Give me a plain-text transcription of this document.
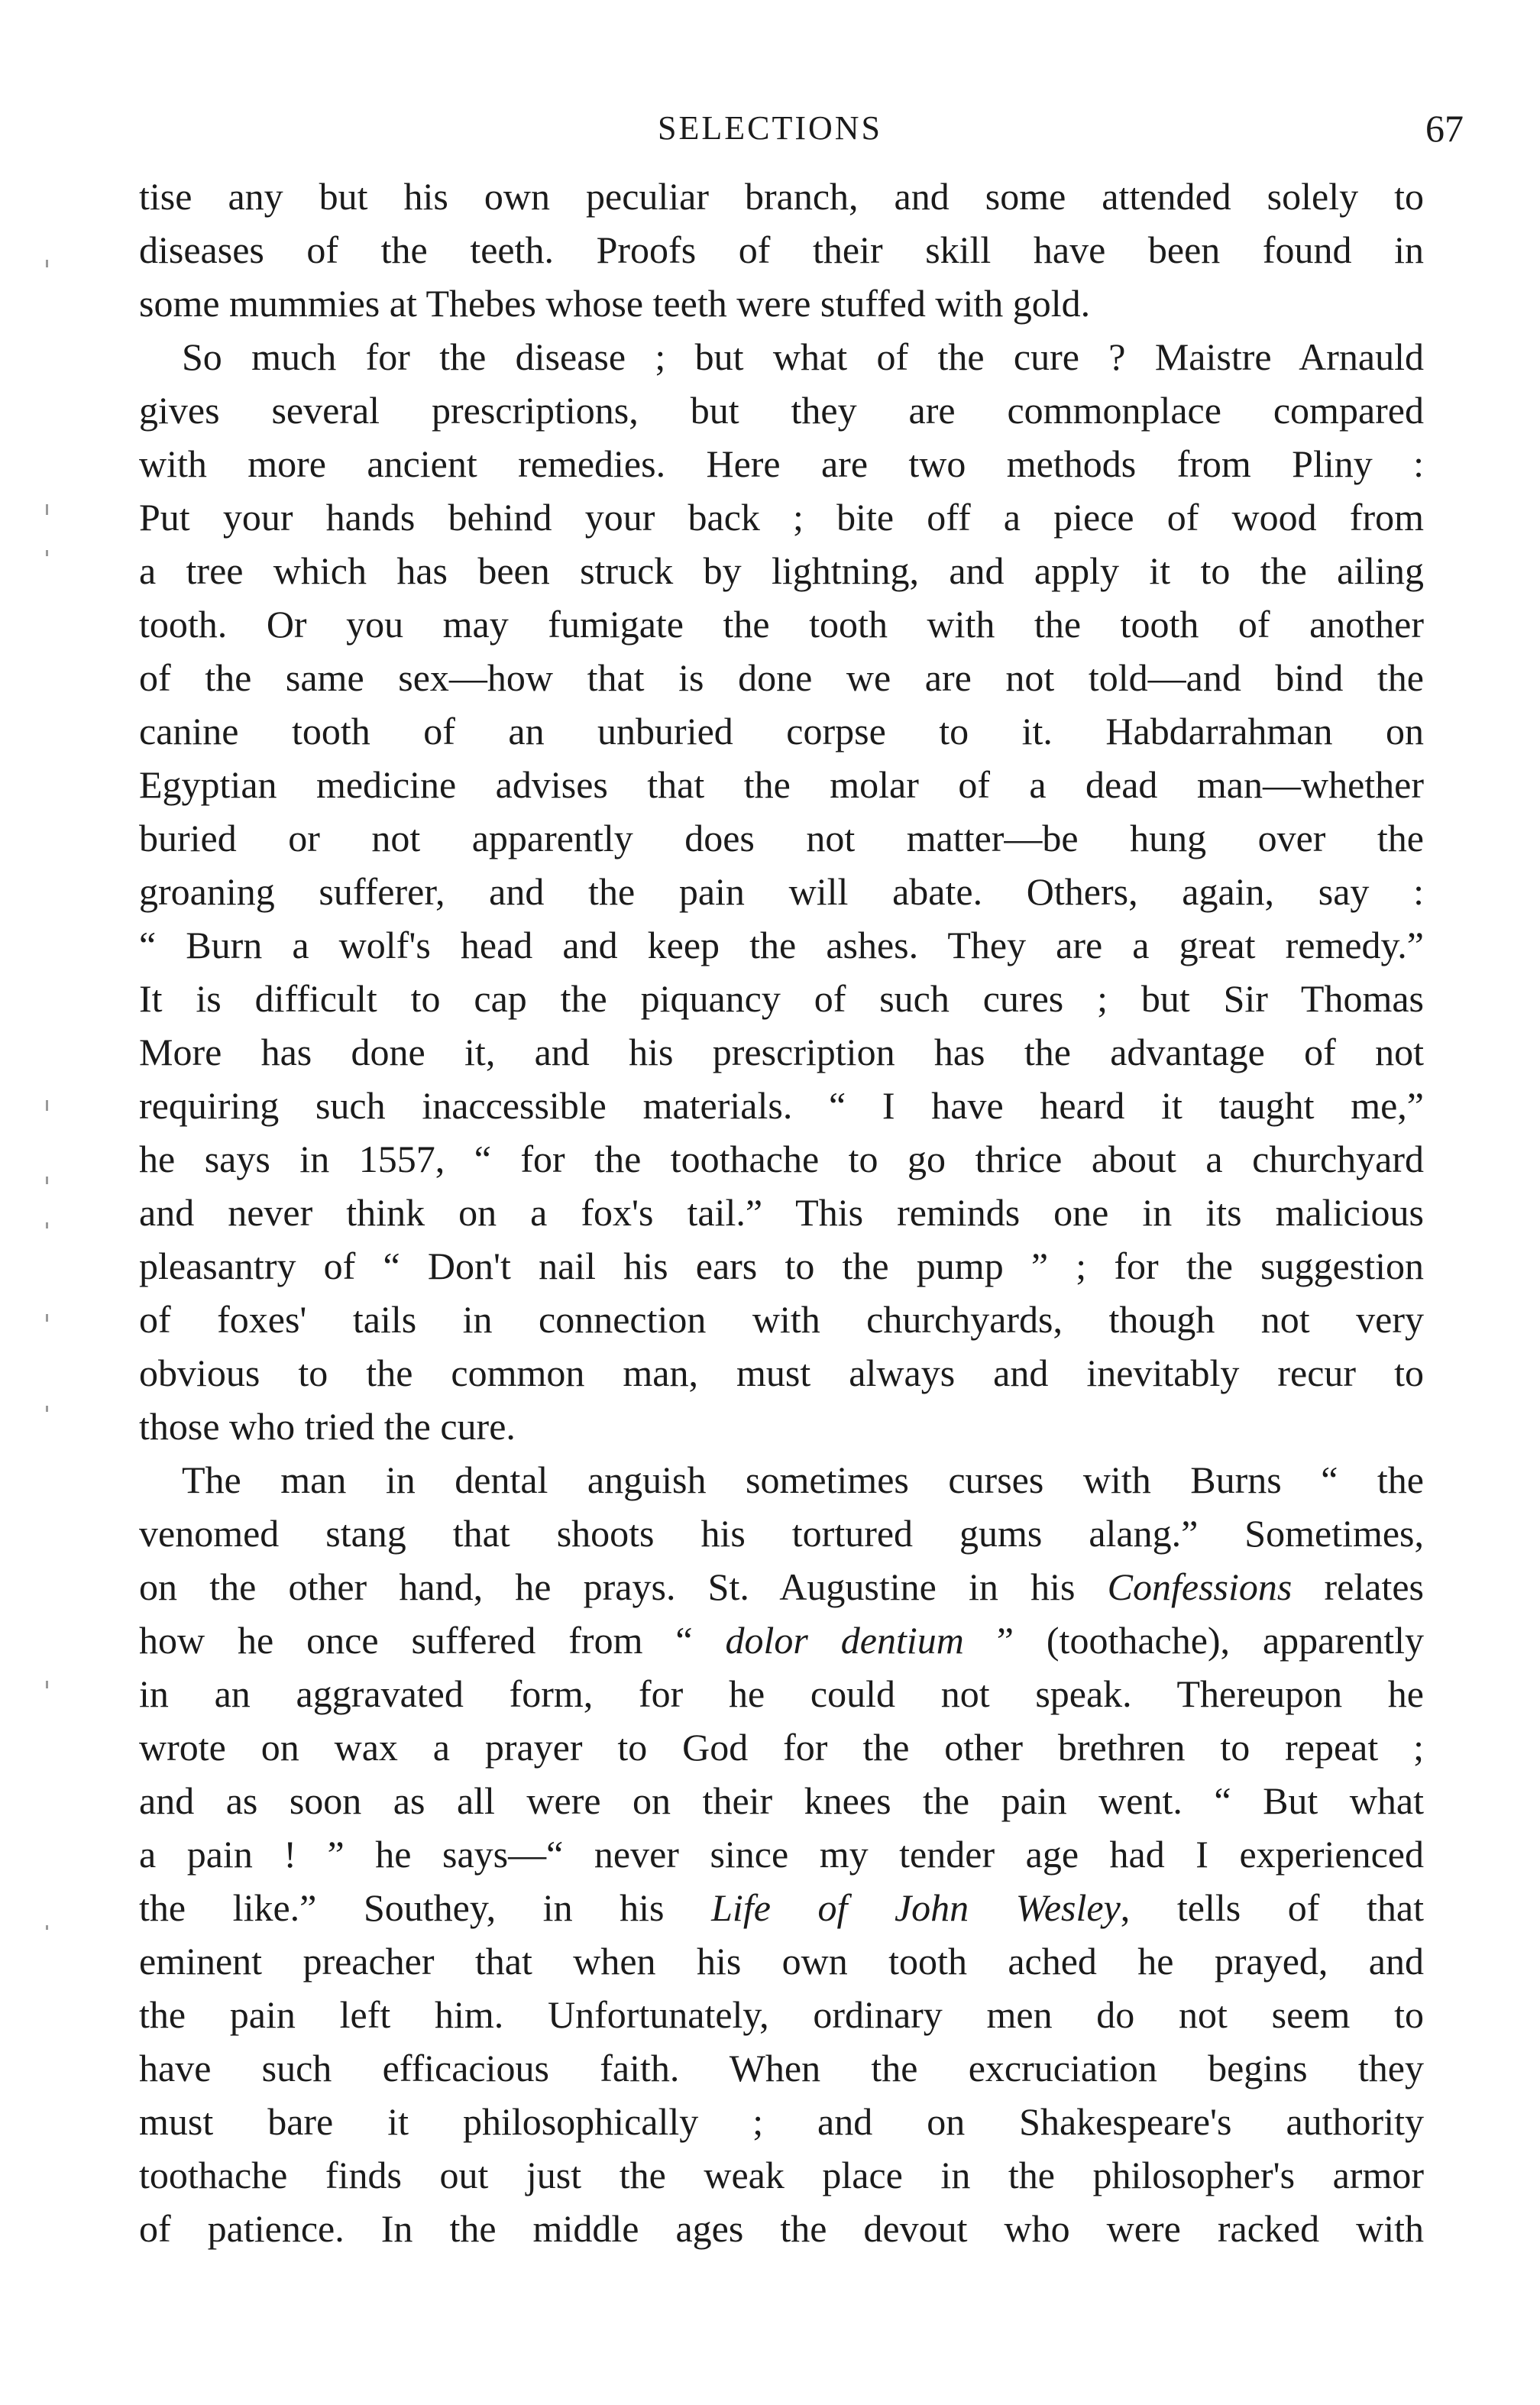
SELECTIONS	67

tise any but his own peculiar branch, and some attended solely to
diseases of the teeth. Proofs of their skill have been found in
some mummies at Thebes whose teeth were stuffed with gold.

So much for the disease ; but what of the cure ? Maistre Arnauld
gives several prescriptions, but they are commonplace compared
with more ancient remedies. Here are two methods from Pliny :
Put your hands behind your back ; bite off a piece of wood from
a tree which has been struck by lightning, and apply it to the ailing
tooth. Or you may fumigate the tooth with the tooth of another
of the same sex—how that is done we are not told—and bind the
canine tooth of an unburied corpse to it. Habdarrahman on
Egyptian medicine advises that the molar of a dead man—whether
buried or not apparently does not matter—be hung over the
groaning sufferer, and the pain will abate. Others, again, say :
“ Burn a wolf's head and keep the ashes. They are a great remedy.”
It is difficult to cap the piquancy of such cures ; but Sir Thomas
More has done it, and his prescription has the advantage of not
requiring such inaccessible materials. “ I have heard it taught me,”
he says in 1557, “ for the toothache to go thrice about a churchyard
and never think on a fox's tail.” This reminds one in its malicious
pleasantry of “ Don't nail his ears to the pump ” ; for the suggestion
of foxes' tails in connection with churchyards, though not very
obvious to the common man, must always and inevitably recur to
those who tried the cure.

The man in dental anguish sometimes curses with Burns “ the
venomed stang that shoots his tortured gums alang.” Sometimes,
on the other hand, he prays. St. Augustine in his Confessions relates
how he once suffered from “ dolor dentium ” (toothache), apparently
in an aggravated form, for he could not speak. Thereupon he
wrote on wax a prayer to God for the other brethren to repeat ;
and as soon as all were on their knees the pain went. “ But what
a pain ! ” he says—“ never since my tender age had I experienced
the like.” Southey, in his Life of John Wesley, tells of that
eminent preacher that when his own tooth ached he prayed, and
the pain left him. Unfortunately, ordinary men do not seem to
have such efficacious faith. When the excruciation begins they
must bare it philosophically ; and on Shakespeare's authority
toothache finds out just the weak place in the philosopher's armor
of patience. In the middle ages the devout who were racked with
